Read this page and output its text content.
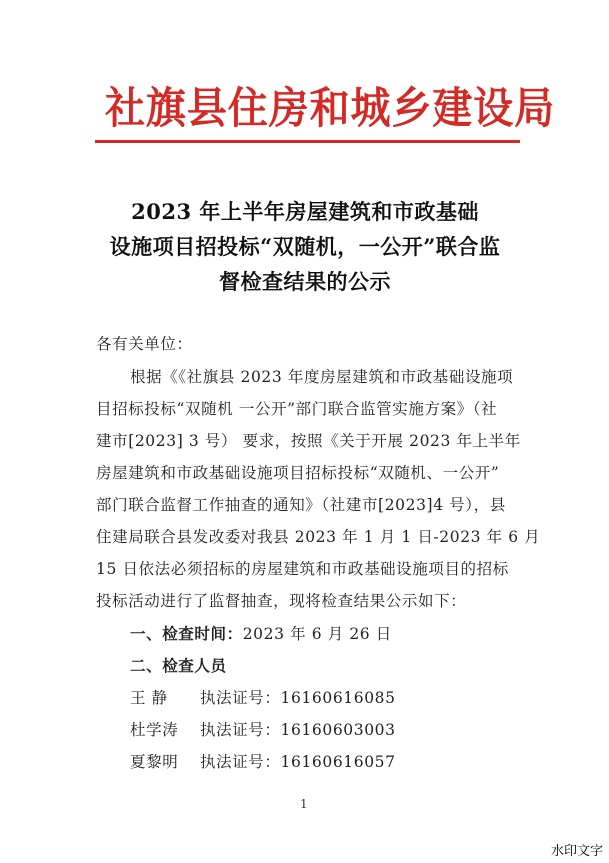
社旗县住房和城乡建设局
2023 年上半年房屋建筑和市政基础
设施项目招投标“双随机，一公开”联合监
督检查结果的公示
各有关单位：
根据《《社旗县 2023 年度房屋建筑和市政基础设施项
目招标投标“双随机 一公开”部门联合监管实施方案》（社
建市[2023] 3 号） 要求，按照《关于开展 2023 年上半年
房屋建筑和市政基础设施项目招标投标“双随机、一公开”
部门联合监督工作抽查的通知》（社建市[2023]4 号），县
住建局联合县发改委对我县 2023 年 1 月 1 日-2023 年 6 月
15 日依法必须招标的房屋建筑和市政基础设施项目的招标
投标活动进行了监督抽查，现将检查结果公示如下：
一、检查时间：2023 年 6 月 26 日
二、检查人员
王 静 执法证号：16160616085
杜学涛 执法证号：16160603003
夏黎明 执法证号：16160616057
1
水印文字
